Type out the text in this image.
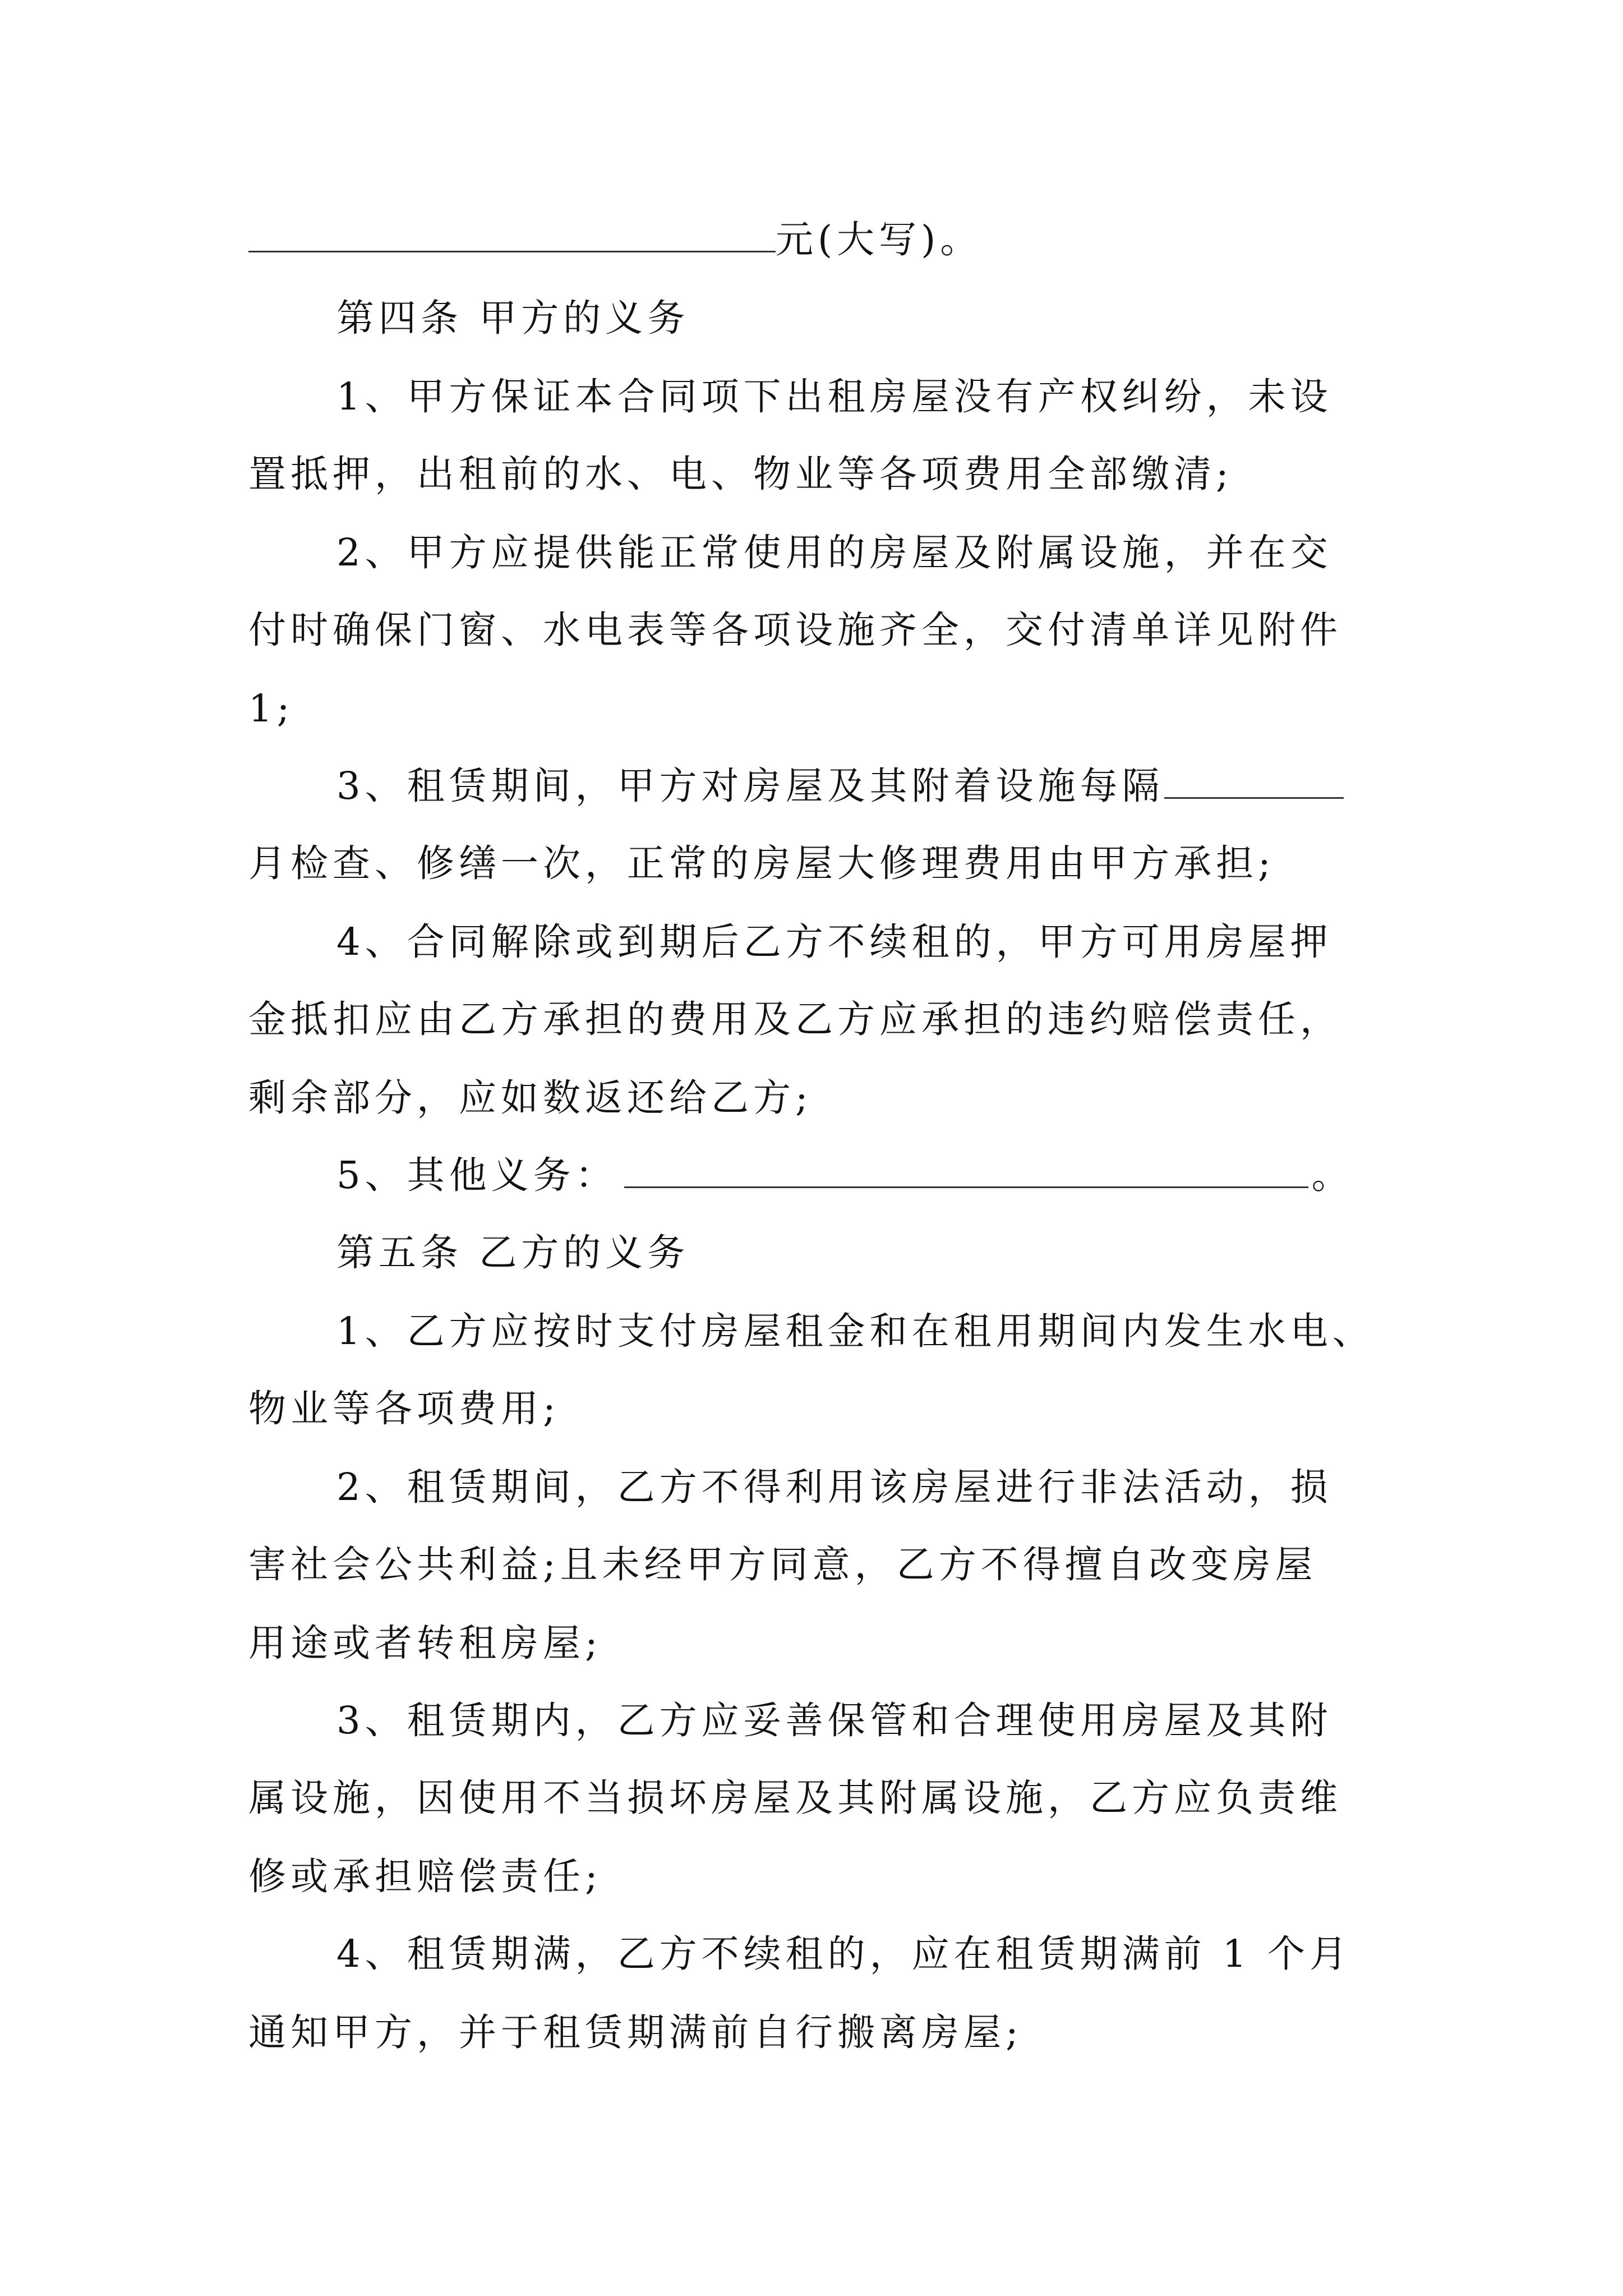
元(大写)。
第四条 甲方的义务
1、甲方保证本合同项下出租房屋没有产权纠纷，未设
置抵押，出租前的水、电、物业等各项费用全部缴清;
2、甲方应提供能正常使用的房屋及附属设施，并在交
付时确保门窗、水电表等各项设施齐全，交付清单详见附件
1;
3、租赁期间，甲方对房屋及其附着设施每隔
月检查、修缮一次，正常的房屋大修理费用由甲方承担;
4、合同解除或到期后乙方不续租的，甲方可用房屋押
金抵扣应由乙方承担的费用及乙方应承担的违约赔偿责任，
剩余部分，应如数返还给乙方;
5、其他义务：	。
第五条 乙方的义务
1、乙方应按时支付房屋租金和在租用期间内发生水电、
物业等各项费用;
2、租赁期间，乙方不得利用该房屋进行非法活动，损
害社会公共利益;且未经甲方同意，乙方不得擅自改变房屋
用途或者转租房屋;
3、租赁期内，乙方应妥善保管和合理使用房屋及其附
属设施，因使用不当损坏房屋及其附属设施，乙方应负责维
修或承担赔偿责任;
4、租赁期满，乙方不续租的，应在租赁期满前 1 个月
通知甲方，并于租赁期满前自行搬离房屋;
